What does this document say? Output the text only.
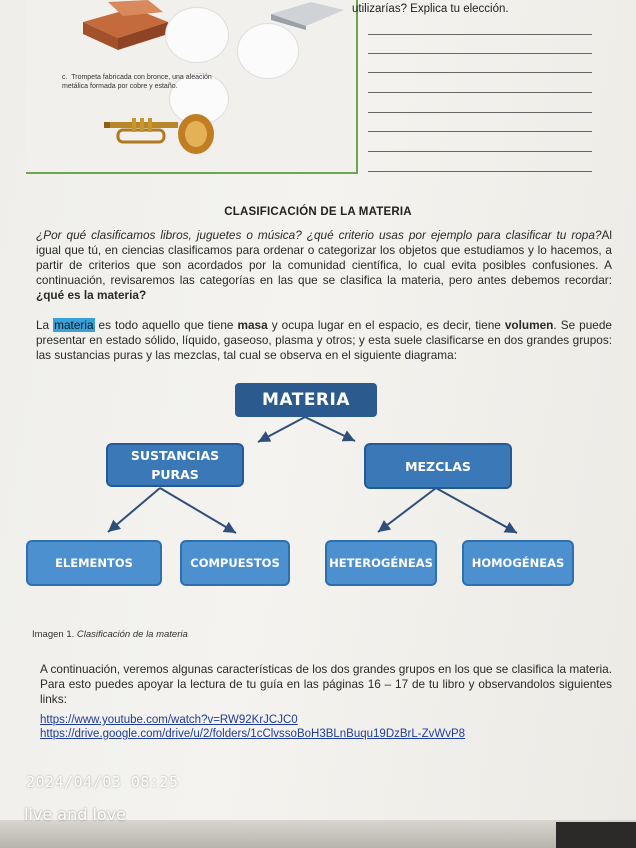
c. Trompeta fabricada con bronce, una aleación metálica formada por cobre y estaño.
utilizarías? Explica tu elección.
CLASIFICACIÓN DE LA MATERIA
¿Por qué clasificamos libros, juguetes o música? ¿qué criterio usas por ejemplo para clasificar tu ropa?Al igual que tú, en ciencias clasificamos para ordenar o categorizar los objetos que estudiamos y lo hacemos, a partir de criterios que son acordados por la comunidad científica, lo cual evita posibles confusiones. A continuación, revisaremos las categorías en las que se clasifica la materia, pero antes debemos recordar: ¿qué es la materia?
La materia es todo aquello que tiene masa y ocupa lugar en el espacio, es decir, tiene volumen. Se puede presentar en estado sólido, líquido, gaseoso, plasma y otros; y esta suele clasificarse en dos grandes grupos: las sustancias puras y las mezclas, tal cual se observa en el siguiente diagrama:
MATERIA
SUSTANCIAS PURAS
MEZCLAS
ELEMENTOS	COMPUESTOS	HETEROGÉNEAS	HOMOGÉNEAS
Imagen 1. Clasificación de la materia
A continuación, veremos algunas características de los dos grandes grupos en los que se clasifica la materia. Para esto puedes apoyar la lectura de tu guía en las páginas 16 – 17 de tu libro y observandolos siguientes links:
https://www.youtube.com/watch?v=RW92KrJCJC0
https://drive.google.com/drive/u/2/folders/1cClvssoBoH3BLnBuqu19DzBrL-ZvWvP8
2024/04/03 08:25
live and love
